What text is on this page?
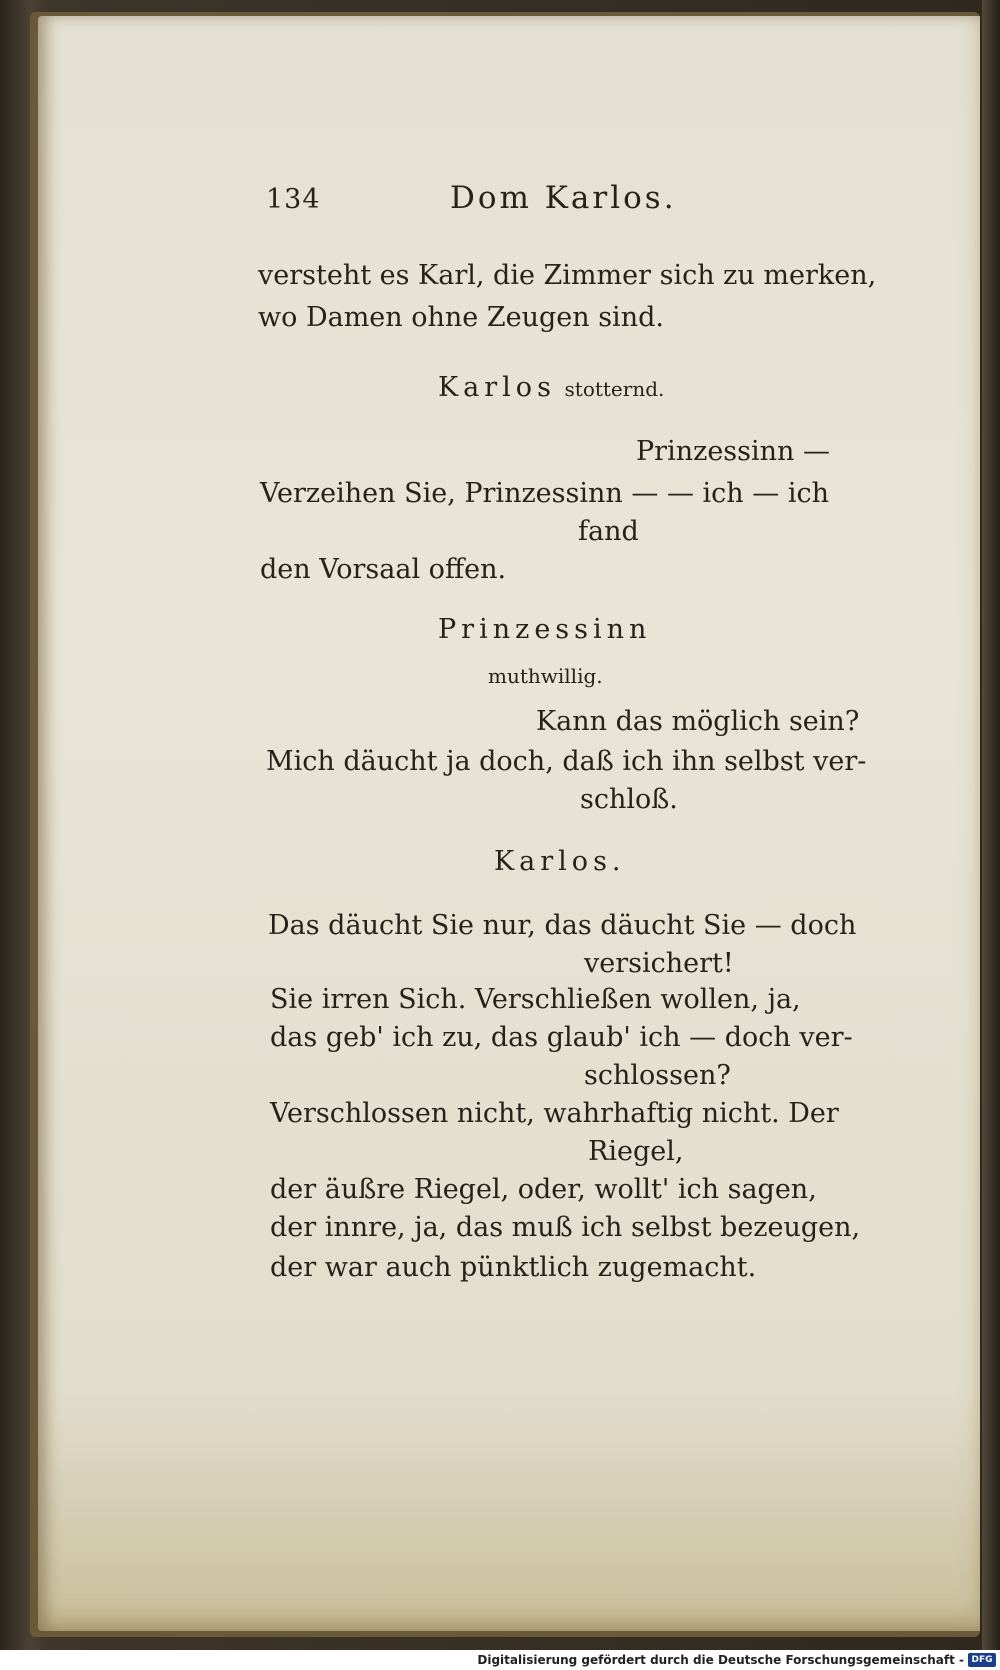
134	Dom Karlos.

versteht es Karl, die Zimmer sich zu merken,

wo Damen ohne Zeugen sind.

Karlos stotternd.

Prinzessinn —

Verzeihen Sie, Prinzessinn — — ich — ich

fand

den Vorsaal offen.

Prinzessinn

muthwillig.

Kann das möglich sein?

Mich däucht ja doch, daß ich ihn selbst ver-

schloß.

Karlos.

Das däucht Sie nur, das däucht Sie — doch

versichert!

Sie irren Sich. Verschließen wollen, ja,

das geb' ich zu, das glaub' ich — doch ver-

schlossen?

Verschlossen nicht, wahrhaftig nicht. Der

Riegel,

der äußre Riegel, oder, wollt' ich sagen,

der innre, ja, das muß ich selbst bezeugen,

der war auch pünktlich zugemacht.

Digitalisierung gefördert durch die Deutsche Forschungsgemeinschaft - DFG
